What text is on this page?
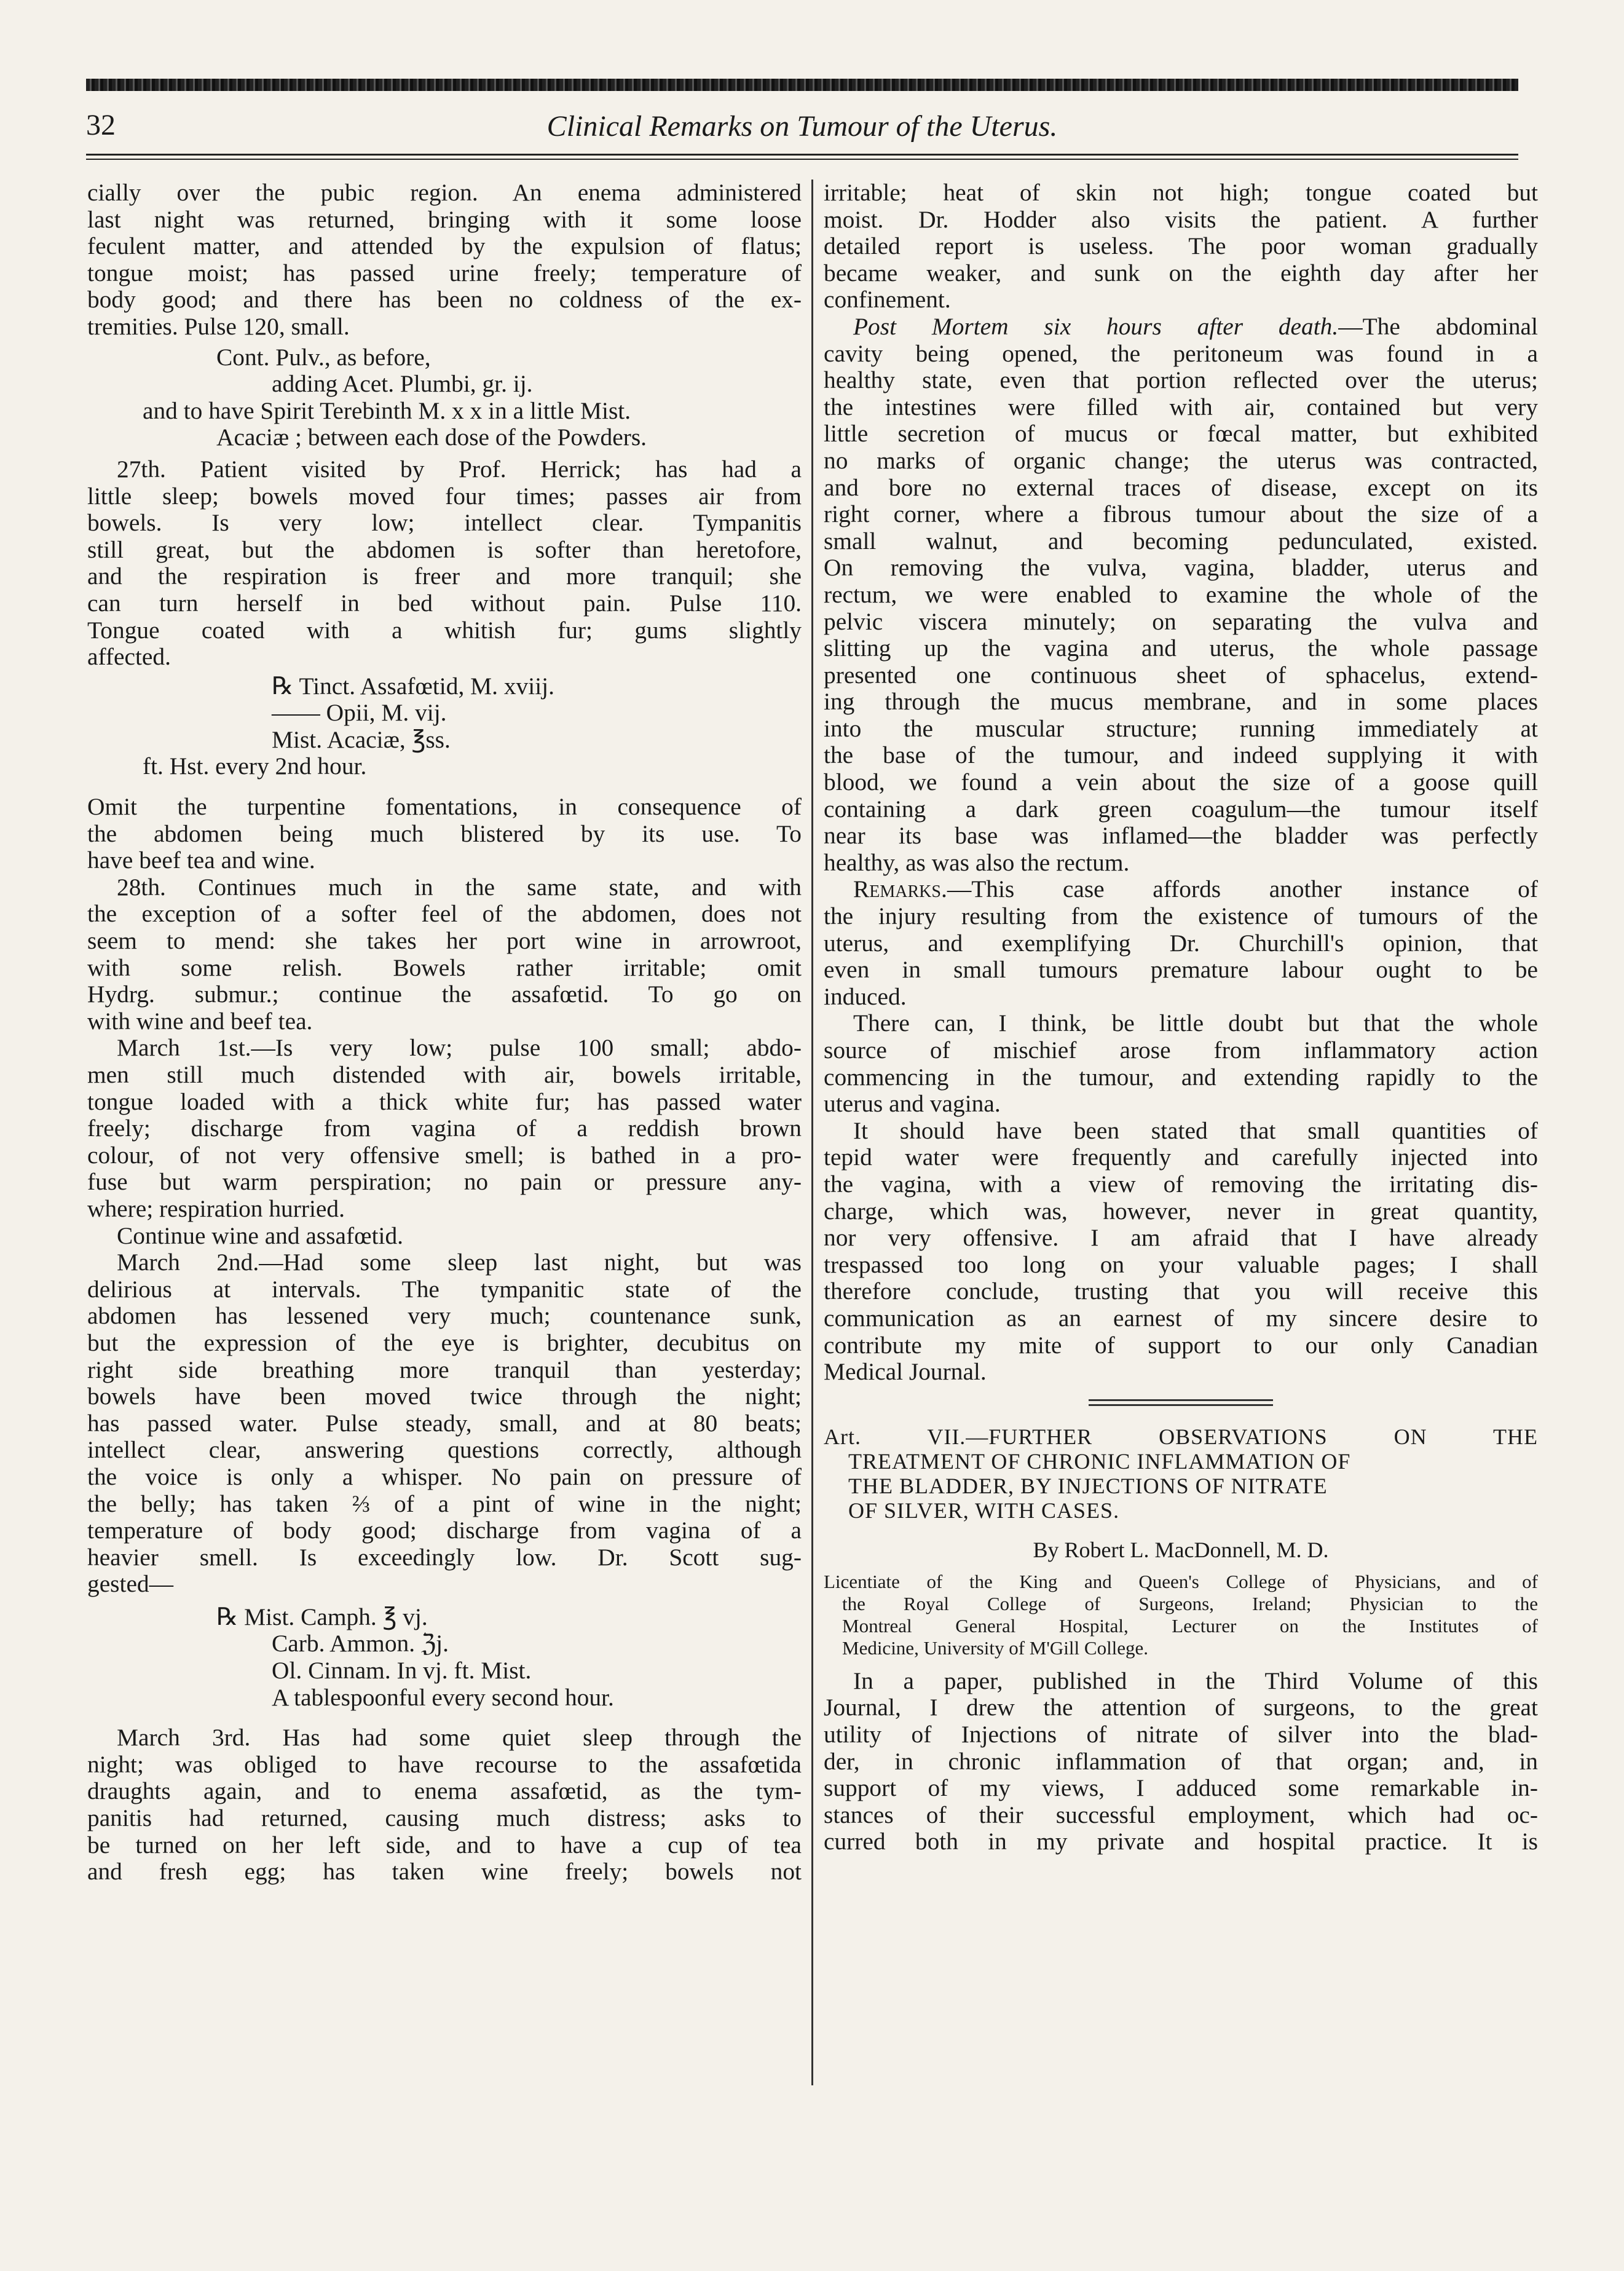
32	Clinical Remarks on Tumour of the Uterus.
cially over the pubic region. An enema administered
last night was returned, bringing with it some loose
feculent matter, and attended by the expulsion of flatus;
tongue moist; has passed urine freely; temperature of
body good; and there has been no coldness of the ex-
tremities. Pulse 120, small.
Cont. Pulv., as before,
adding Acet. Plumbi, gr. ij.
and to have Spirit Terebinth M. x x in a little Mist.
Acaciæ ; between each dose of the Powders.
27th. Patient visited by Prof. Herrick; has had a
little sleep; bowels moved four times; passes air from
bowels. Is very low; intellect clear. Tympanitis
still great, but the abdomen is softer than heretofore,
and the respiration is freer and more tranquil; she
can turn herself in bed without pain. Pulse 110.
Tongue coated with a whitish fur; gums slightly
affected.
℞ Tinct. Assafœtid, M. xviij.
—— Opii, M. vij.
Mist. Acaciæ, ℥ss.
ft. Hst. every 2nd hour.
Omit the turpentine fomentations, in consequence of
the abdomen being much blistered by its use. To
have beef tea and wine.
28th. Continues much in the same state, and with
the exception of a softer feel of the abdomen, does not
seem to mend: she takes her port wine in arrowroot,
with some relish. Bowels rather irritable; omit
Hydrg. submur.; continue the assafœtid. To go on
with wine and beef tea.
March 1st.—Is very low; pulse 100 small; abdo-
men still much distended with air, bowels irritable,
tongue loaded with a thick white fur; has passed water
freely; discharge from vagina of a reddish brown
colour, of not very offensive smell; is bathed in a pro-
fuse but warm perspiration; no pain or pressure any-
where; respiration hurried.
Continue wine and assafœtid.
March 2nd.—Had some sleep last night, but was
delirious at intervals. The tympanitic state of the
abdomen has lessened very much; countenance sunk,
but the expression of the eye is brighter, decubitus on
right side breathing more tranquil than yesterday;
bowels have been moved twice through the night;
has passed water. Pulse steady, small, and at 80 beats;
intellect clear, answering questions correctly, although
the voice is only a whisper. No pain on pressure of
the belly; has taken ⅔ of a pint of wine in the night;
temperature of body good; discharge from vagina of a
heavier smell. Is exceedingly low. Dr. Scott sug-
gested—
℞ Mist. Camph. ℥ vj.
Carb. Ammon. ℨj.
Ol. Cinnam. In vj. ft. Mist.
A tablespoonful every second hour.
March 3rd. Has had some quiet sleep through the
night; was obliged to have recourse to the assafœtida
draughts again, and to enema assafœtid, as the tym-
panitis had returned, causing much distress; asks to
be turned on her left side, and to have a cup of tea
and fresh egg; has taken wine freely; bowels not
irritable; heat of skin not high; tongue coated but
moist. Dr. Hodder also visits the patient. A further
detailed report is useless. The poor woman gradually
became weaker, and sunk on the eighth day after her
confinement.
Post Mortem six hours after death.—The abdominal
cavity being opened, the peritoneum was found in a
healthy state, even that portion reflected over the uterus;
the intestines were filled with air, contained but very
little secretion of mucus or fœcal matter, but exhibited
no marks of organic change; the uterus was contracted,
and bore no external traces of disease, except on its
right corner, where a fibrous tumour about the size of a
small walnut, and becoming pedunculated, existed.
On removing the vulva, vagina, bladder, uterus and
rectum, we were enabled to examine the whole of the
pelvic viscera minutely; on separating the vulva and
slitting up the vagina and uterus, the whole passage
presented one continuous sheet of sphacelus, extend-
ing through the mucus membrane, and in some places
into the muscular structure; running immediately at
the base of the tumour, and indeed supplying it with
blood, we found a vein about the size of a goose quill
containing a dark green coagulum—the tumour itself
near its base was inflamed—the bladder was perfectly
healthy, as was also the rectum.
Remarks.—This case affords another instance of
the injury resulting from the existence of tumours of the
uterus, and exemplifying Dr. Churchill's opinion, that
even in small tumours premature labour ought to be
induced.
There can, I think, be little doubt but that the whole
source of mischief arose from inflammatory action
commencing in the tumour, and extending rapidly to the
uterus and vagina.
It should have been stated that small quantities of
tepid water were frequently and carefully injected into
the vagina, with a view of removing the irritating dis-
charge, which was, however, never in great quantity,
nor very offensive. I am afraid that I have already
trespassed too long on your valuable pages; I shall
therefore conclude, trusting that you will receive this
communication as an earnest of my sincere desire to
contribute my mite of support to our only Canadian
Medical Journal.
Art. VII.—FURTHER OBSERVATIONS ON THE
TREATMENT OF CHRONIC INFLAMMATION OF
THE BLADDER, BY INJECTIONS OF NITRATE
OF SILVER, WITH CASES.
By Robert L. MacDonnell, M. D.
Licentiate of the King and Queen's College of Physicians, and of
the Royal College of Surgeons, Ireland; Physician to the
Montreal General Hospital, Lecturer on the Institutes of
Medicine, University of M'Gill College.
In a paper, published in the Third Volume of this
Journal, I drew the attention of surgeons, to the great
utility of Injections of nitrate of silver into the blad-
der, in chronic inflammation of that organ; and, in
support of my views, I adduced some remarkable in-
stances of their successful employment, which had oc-
curred both in my private and hospital practice. It is
